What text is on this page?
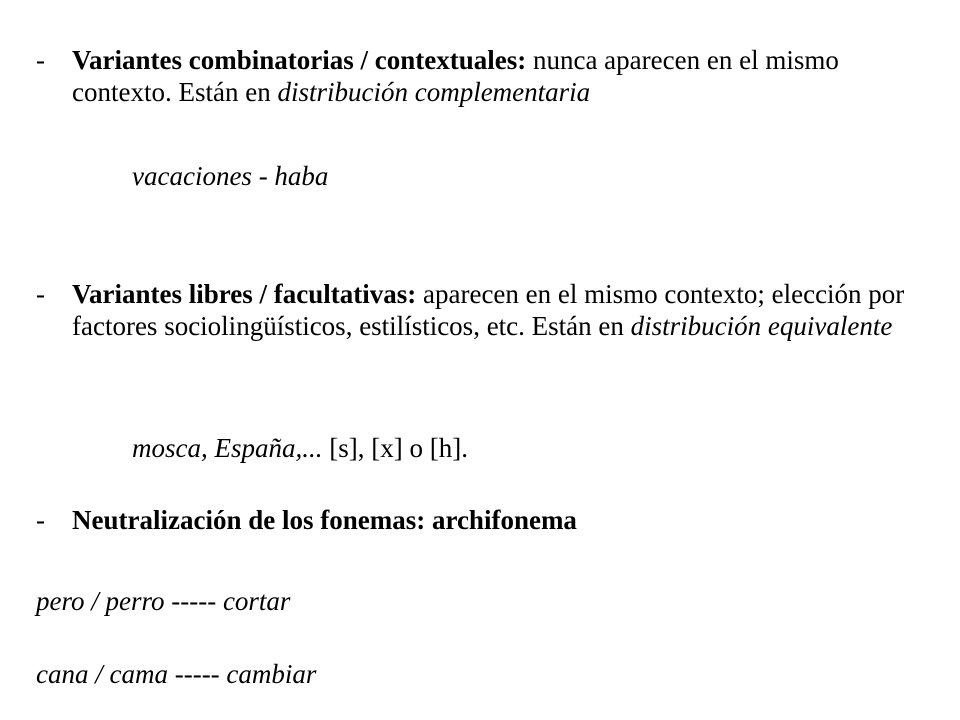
-	Variantes combinatorias / contextuales: nunca aparecen en el mismo contexto. Están en distribución complementaria
vacaciones - haba
-	Variantes libres / facultativas: aparecen en el mismo contexto; elección por factores sociolingüísticos, estilísticos, etc. Están en distribución equivalente
mosca, España,... [s], [x] o [h].
-	Neutralización de los fonemas: archifonema
pero / perro ----- cortar
cana / cama ----- cambiar
